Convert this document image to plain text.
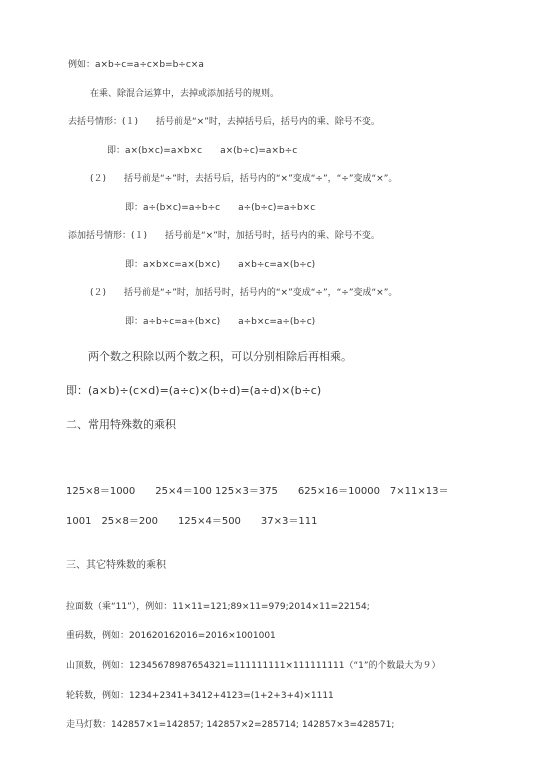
例如：a×b÷c=a÷c×b=b÷c×a
在乘、除混合运算中，去掉或添加括号的规则。
去括号情形：(１)　　括号前是“×”时，去掉括号后，括号内的乘、除号不变。
即：a×(b×c)=a×b×c　　a×(b÷c)=a×b÷c
(２)　　括号前是“÷”时，去括号后，括号内的“×”变成“÷”，“÷”变成“×”。
即：a÷(b×c)=a÷b÷c　　a÷(b÷c)=a÷b×c
添加括号情形：(１)　　括号前是“×”时，加括号时，括号内的乘、除号不变。
即：a×b×c=a×(b×c)　　a×b÷c=a×(b÷c)
(２)　　括号前是“÷”时，加括号时，括号内的“×”变成“÷”，“÷”变成“×”。
即：a÷b÷c=a÷(b×c)　　a÷b×c=a÷(b÷c)
两个数之积除以两个数之积，可以分别相除后再相乘。
即：(a×b)÷(c×d)=(a÷c)×(b÷d)=(a÷d)×(b÷c)
二、常用特殊数的乘积
125×8＝1000　　25×4＝100 125×3＝375　　625×16＝10000　7×11×13＝
1001　25×8＝200　　125×4＝500　　37×3＝111
三、其它特殊数的乘积
拉面数（乘“11”），例如：11×11=121;89×11=979;2014×11=22154;
重码数，例如：201620162016=2016×1001001
山顶数，例如：12345678987654321=111111111×111111111（“1”的个数最大为９）
轮转数，例如：1234+2341+3412+4123=(1+2+3+4)×1111
走马灯数：142857×1=142857; 142857×2=285714; 142857×3=428571;
